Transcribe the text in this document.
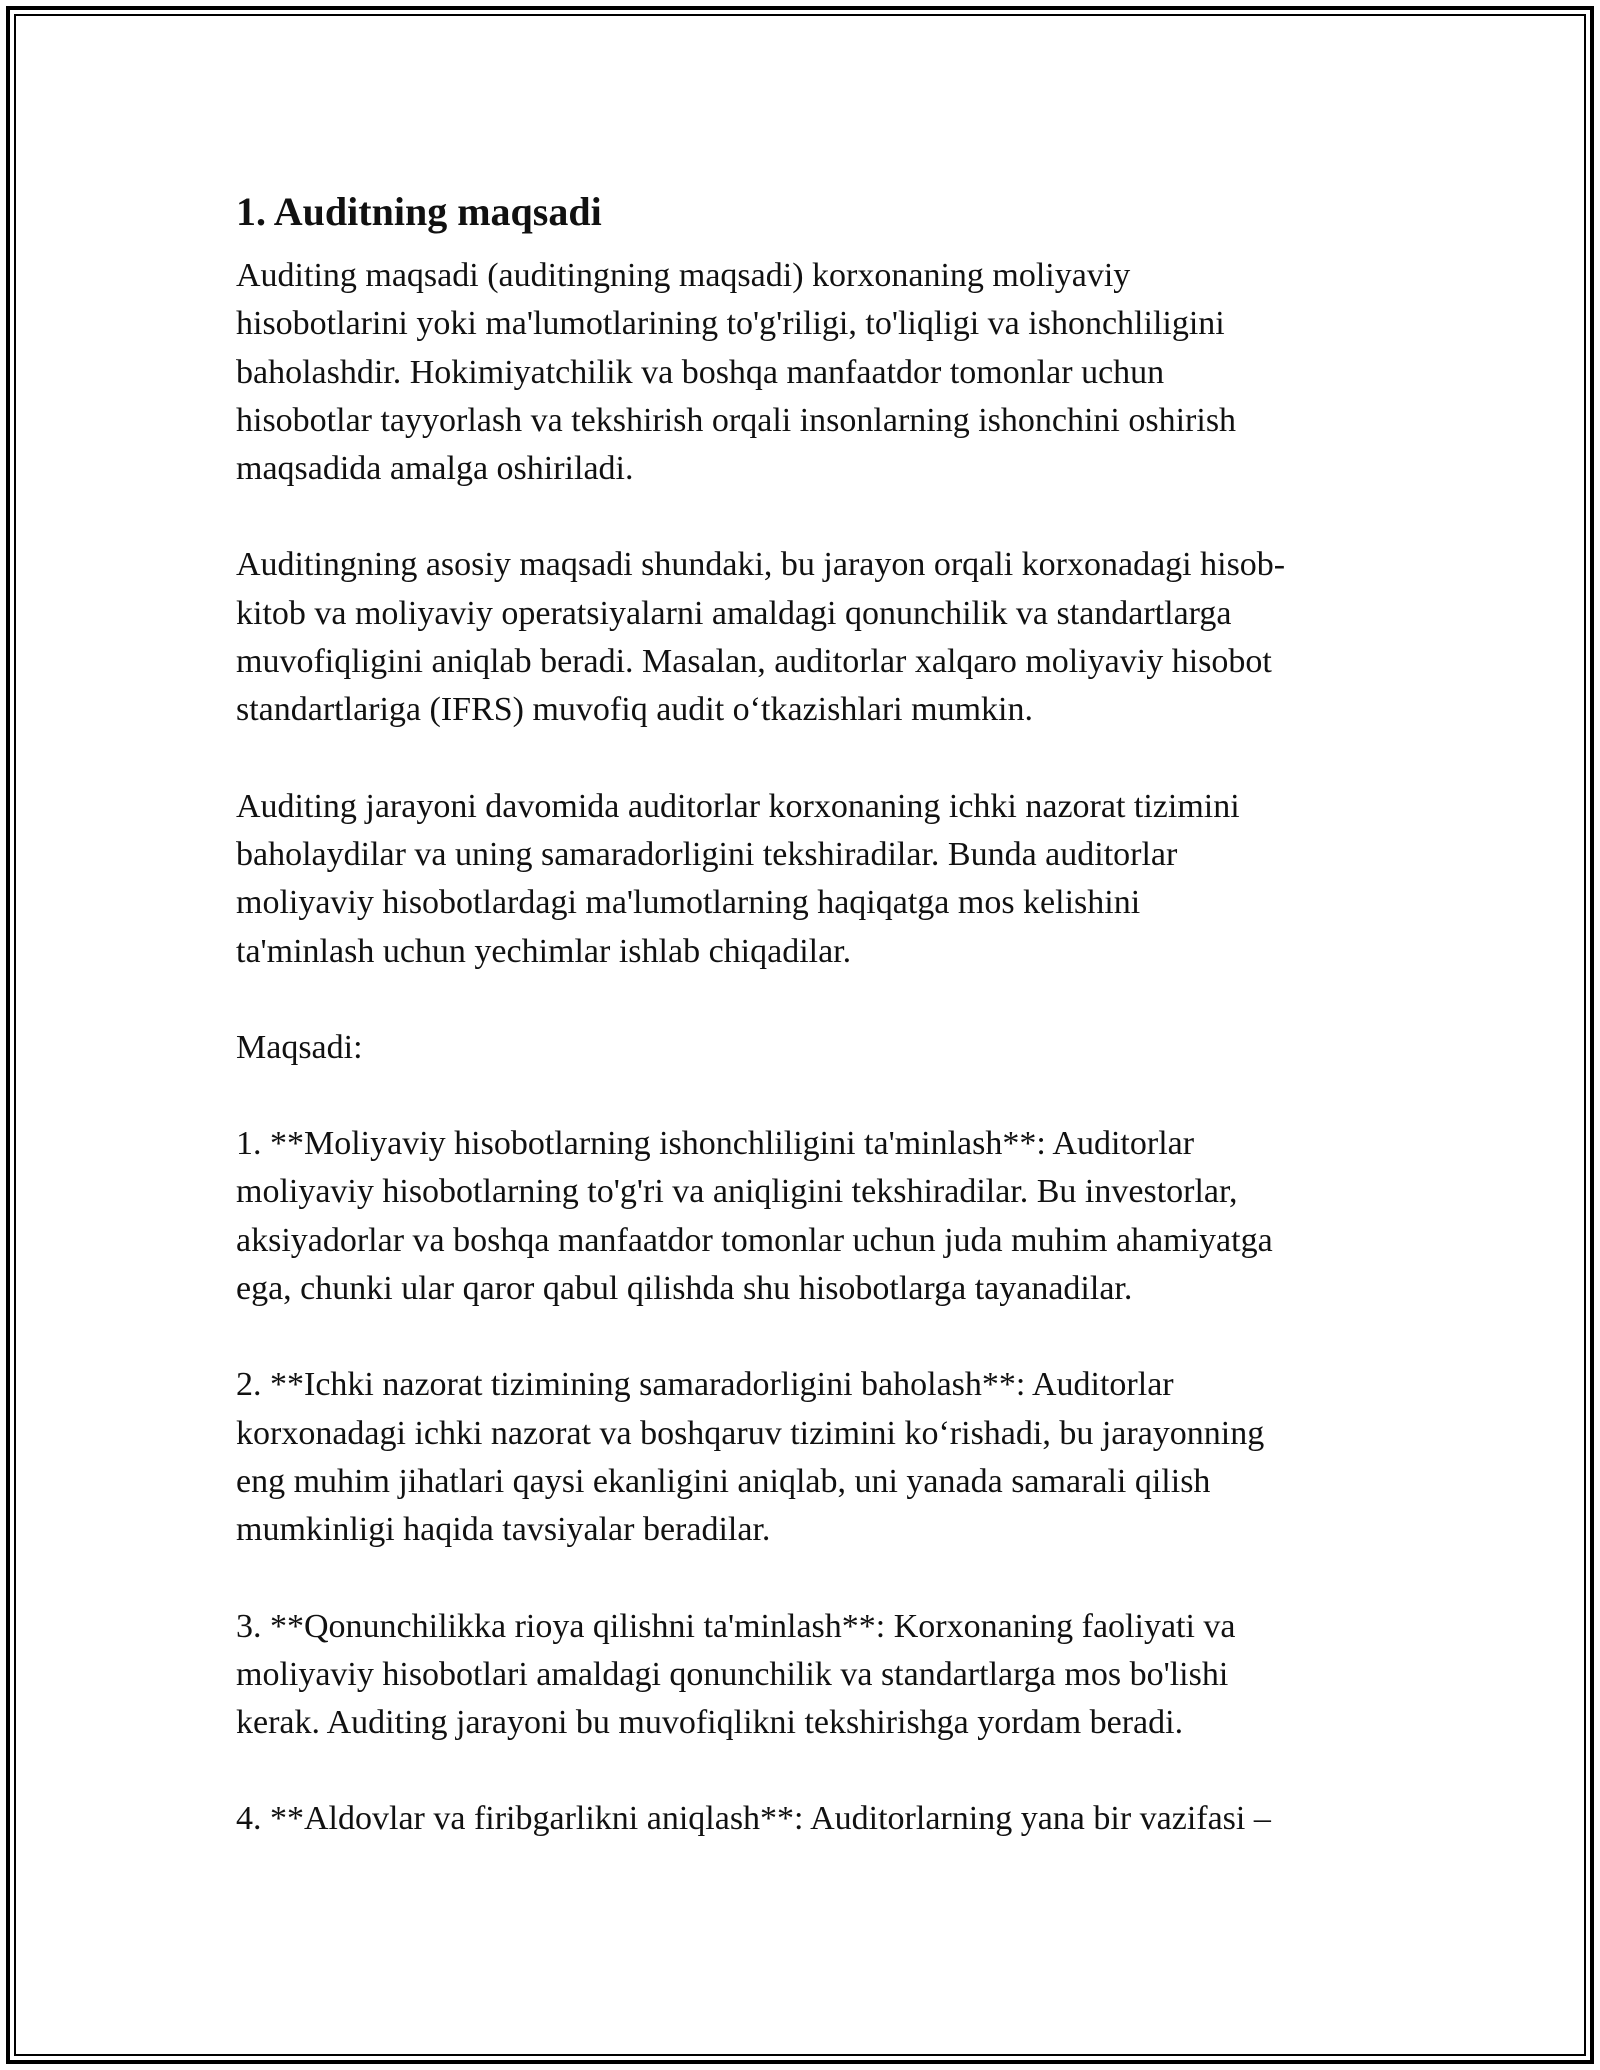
1. Auditning maqsadi

Auditing maqsadi (auditingning maqsadi) korxonaning moliyaviy
hisobotlarini yoki ma'lumotlarining to'g'riligi, to'liqligi va ishonchliligini
baholashdir. Hokimiyatchilik va boshqa manfaatdor tomonlar uchun
hisobotlar tayyorlash va tekshirish orqali insonlarning ishonchini oshirish
maqsadida amalga oshiriladi.

Auditingning asosiy maqsadi shundaki, bu jarayon orqali korxonadagi hisob-
kitob va moliyaviy operatsiyalarni amaldagi qonunchilik va standartlarga
muvofiqligini aniqlab beradi. Masalan, auditorlar xalqaro moliyaviy hisobot
standartlariga (IFRS) muvofiq audit o‘tkazishlari mumkin.

Auditing jarayoni davomida auditorlar korxonaning ichki nazorat tizimini
baholaydilar va uning samaradorligini tekshiradilar. Bunda auditorlar
moliyaviy hisobotlardagi ma'lumotlarning haqiqatga mos kelishini
ta'minlash uchun yechimlar ishlab chiqadilar.

Maqsadi:

1. **Moliyaviy hisobotlarning ishonchliligini ta'minlash**: Auditorlar
moliyaviy hisobotlarning to'g'ri va aniqligini tekshiradilar. Bu investorlar,
aksiyadorlar va boshqa manfaatdor tomonlar uchun juda muhim ahamiyatga
ega, chunki ular qaror qabul qilishda shu hisobotlarga tayanadilar.

2. **Ichki nazorat tizimining samaradorligini baholash**: Auditorlar
korxonadagi ichki nazorat va boshqaruv tizimini ko‘rishadi, bu jarayonning
eng muhim jihatlari qaysi ekanligini aniqlab, uni yanada samarali qilish
mumkinligi haqida tavsiyalar beradilar.

3. **Qonunchilikka rioya qilishni ta'minlash**: Korxonaning faoliyati va
moliyaviy hisobotlari amaldagi qonunchilik va standartlarga mos bo'lishi
kerak. Auditing jarayoni bu muvofiqlikni tekshirishga yordam beradi.

4. **Aldovlar va firibgarlikni aniqlash**: Auditorlarning yana bir vazifasi –
